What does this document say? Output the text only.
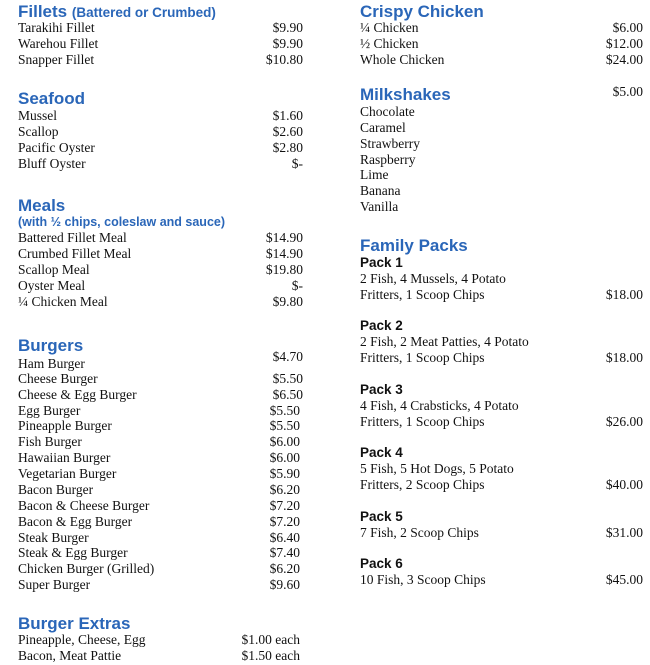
Fillets (Battered or Crumbed)
Tarakihi Fillet	$9.90
Warehou Fillet	$9.90
Snapper Fillet	$10.80
Seafood
Mussel	$1.60
Scallop	$2.60
Pacific Oyster	$2.80
Bluff Oyster	$-
Meals
(with ½ chips, coleslaw and sauce)
Battered Fillet Meal	$14.90
Crumbed Fillet Meal	$14.90
Scallop Meal	$19.80
Oyster Meal	$-
¼ Chicken Meal	$9.80
Burgers
Ham Burger	$4.70
Cheese Burger	$5.50
Cheese & Egg Burger	$6.50
Egg Burger	$5.50
Pineapple Burger	$5.50
Fish Burger	$6.00
Hawaiian Burger	$6.00
Vegetarian Burger	$5.90
Bacon Burger	$6.20
Bacon & Cheese Burger	$7.20
Bacon & Egg Burger	$7.20
Steak Burger	$6.40
Steak & Egg Burger	$7.40
Chicken Burger (Grilled)	$6.20
Super Burger	$9.60
Burger Extras
Pineapple, Cheese, Egg	$1.00 each
Bacon, Meat Pattie	$1.50 each
Crispy Chicken
¼ Chicken	$6.00
½ Chicken	$12.00
Whole Chicken	$24.00
Milkshakes	$5.00
Chocolate
Caramel
Strawberry
Raspberry
Lime
Banana
Vanilla
Family Packs
Pack 1
2 Fish, 4 Mussels, 4 Potato
Fritters, 1 Scoop Chips	$18.00
Pack 2
2 Fish, 2 Meat Patties, 4 Potato
Fritters, 1 Scoop Chips	$18.00
Pack 3
4 Fish, 4 Crabsticks, 4 Potato
Fritters, 1 Scoop Chips	$26.00
Pack 4
5 Fish, 5 Hot Dogs, 5 Potato
Fritters, 2 Scoop Chips	$40.00
Pack 5
7 Fish, 2 Scoop Chips	$31.00
Pack 6
10 Fish, 3 Scoop Chips	$45.00
